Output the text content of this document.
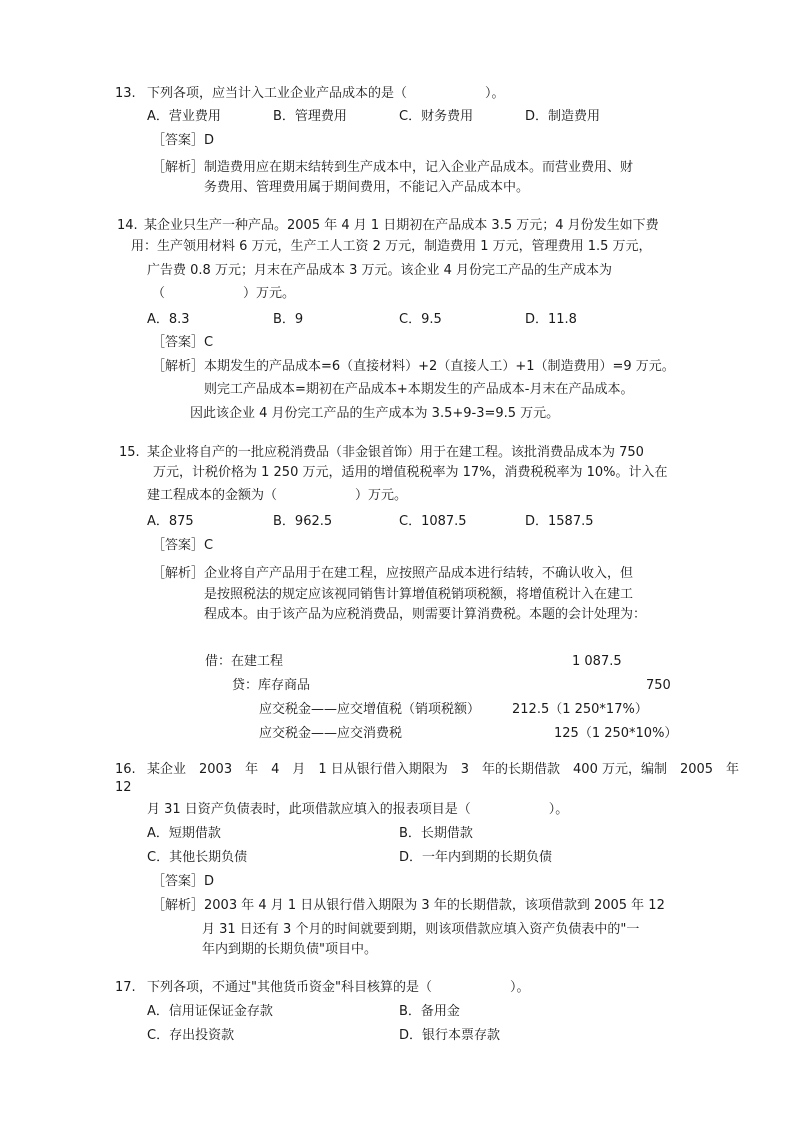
13. 下列各项，应当计入工业企业产品成本的是（　　　　　　）。
A．营业费用	B．管理费用	C．财务费用	D．制造费用
［答案］D
［解析］制造费用应在期末结转到生产成本中，记入企业产品成本。而营业费用、财
务费用、管理费用属于期间费用，不能记入产品成本中。
14. 某企业只生产一种产品。2005 年 4 月 1 日期初在产品成本 3.5 万元；4 月份发生如下费
用：生产领用材料 6 万元，生产工人工资 2 万元，制造费用 1 万元，管理费用 1.5 万元，
广告费 0.8 万元；月末在产品成本 3 万元。该企业 4 月份完工产品的生产成本为
（　　　　　　）万元。
A．8.3	B．9	C．9.5	D．11.8
［答案］C
［解析］本期发生的产品成本=6（直接材料）+2（直接人工）+1（制造费用）=9 万元。
则完工产品成本=期初在产品成本+本期发生的产品成本-月末在产品成本。
因此该企业 4 月份完工产品的生产成本为 3.5+9-3=9.5 万元。
15. 某企业将自产的一批应税消费品（非金银首饰）用于在建工程。该批消费品成本为 750
万元，计税价格为 1 250 万元，适用的增值税税率为 17%，消费税税率为 10%。计入在
建工程成本的金额为（　　　　　　）万元。
A．875	B．962.5	C．1087.5	D．1587.5
［答案］C
［解析］企业将自产产品用于在建工程，应按照产品成本进行结转，不确认收入，但
是按照税法的规定应该视同销售计算增值税销项税额，将增值税计入在建工
程成本。由于该产品为应税消费品，则需要计算消费税。本题的会计处理为：
借：在建工程	1 087.5
贷：库存商品	750
应交税金——应交增值税（销项税额） 212.5（1 250*17%）
应交税金——应交消费税	125（1 250*10%）
16. 某企业　2003　年　4　月　1 日从银行借入期限为　3　年的长期借款　400 万元，编制　2005　年
12
月 31 日资产负债表时，此项借款应填入的报表项目是（　　　　　　）。
A．短期借款	B．长期借款
C．其他长期负债	D．一年内到期的长期负债
［答案］D
［解析］2003 年 4 月 1 日从银行借入期限为 3 年的长期借款，该项借款到 2005 年 12
月 31 日还有 3 个月的时间就要到期，则该项借款应填入资产负债表中的"一
年内到期的长期负债"项目中。
17. 下列各项，不通过"其他货币资金"科目核算的是（　　　　　　）。
A．信用证保证金存款	B．备用金
C．存出投资款	D．银行本票存款
